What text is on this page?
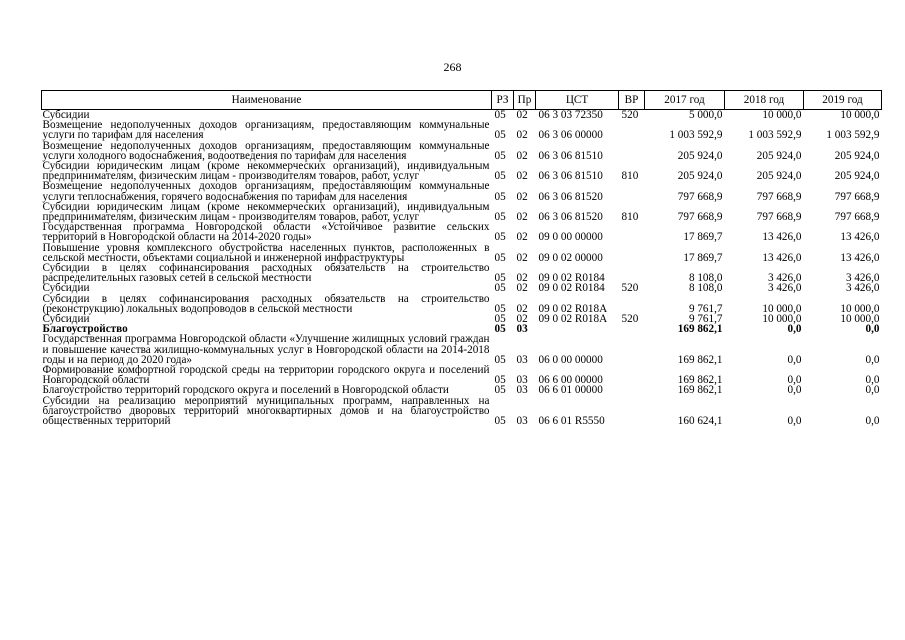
268
Наименование	РЗ	Пр	ЦСТ	ВР	2017 год	2018 год	2019 год
Субсидии	05	02	06 3 03 72350	520	5 000,0	10 000,0	10 000,0
Возмещение недополученных доходов организациям, предоставляющим коммунальные услуги по тарифам для населения	05	02	06 3 06 00000		1 003 592,9	1 003 592,9	1 003 592,9
Возмещение недополученных доходов организациям, предоставляющим коммунальные услуги холодного водоснабжения, водоотведения по тарифам для населения	05	02	06 3 06 81510		205 924,0	205 924,0	205 924,0
Субсидии юридическим лицам (кроме некоммерческих организаций), индивидуальным предпринимателям, физическим лицам - производителям товаров, работ, услуг	05	02	06 3 06 81510	810	205 924,0	205 924,0	205 924,0
Возмещение недополученных доходов организациям, предоставляющим коммунальные услуги теплоснабжения, горячего водоснабжения по тарифам для населения	05	02	06 3 06 81520		797 668,9	797 668,9	797 668,9
Субсидии юридическим лицам (кроме некоммерческих организаций), индивидуальным предпринимателям, физическим лицам - производителям товаров, работ, услуг	05	02	06 3 06 81520	810	797 668,9	797 668,9	797 668,9
Государственная программа Новгородской области «Устойчивое развитие сельских территорий в Новгородской области на 2014-2020 годы»	05	02	09 0 00 00000		17 869,7	13 426,0	13 426,0
Повышение уровня комплексного обустройства населенных пунктов, расположенных в сельской местности, объектами социальной и инженерной инфраструктуры	05	02	09 0 02 00000		17 869,7	13 426,0	13 426,0
Субсидии в целях софинансирования расходных обязательств на строительство распределительных газовых сетей в сельской местности	05	02	09 0 02 R0184		8 108,0	3 426,0	3 426,0
Субсидии	05	02	09 0 02 R0184	520	8 108,0	3 426,0	3 426,0
Субсидии в целях софинансирования расходных обязательств на строительство (реконструкцию) локальных водопроводов в сельской местности	05	02	09 0 02 R018A		9 761,7	10 000,0	10 000,0
Субсидии	05	02	09 0 02 R018A	520	9 761,7	10 000,0	10 000,0
Благоустройство	05	03			169 862,1	0,0	0,0
Государственная программа Новгородской области «Улучшение жилищных условий граждан и повышение качества жилищно-коммунальных услуг в Новгородской области на 2014-2018 годы и на период до 2020 года»	05	03	06 0 00 00000		169 862,1	0,0	0,0
Формирование комфортной городской среды на территории городского округа и поселений Новгородской области	05	03	06 6 00 00000		169 862,1	0,0	0,0
Благоустройство территорий городского округа и поселений в Новгородской области	05	03	06 6 01 00000		169 862,1	0,0	0,0
Субсидии на реализацию мероприятий муниципальных программ, направленных на благоустройство дворовых территорий многоквартирных домов и на благоустройство общественных территорий	05	03	06 6 01 R5550		160 624,1	0,0	0,0
